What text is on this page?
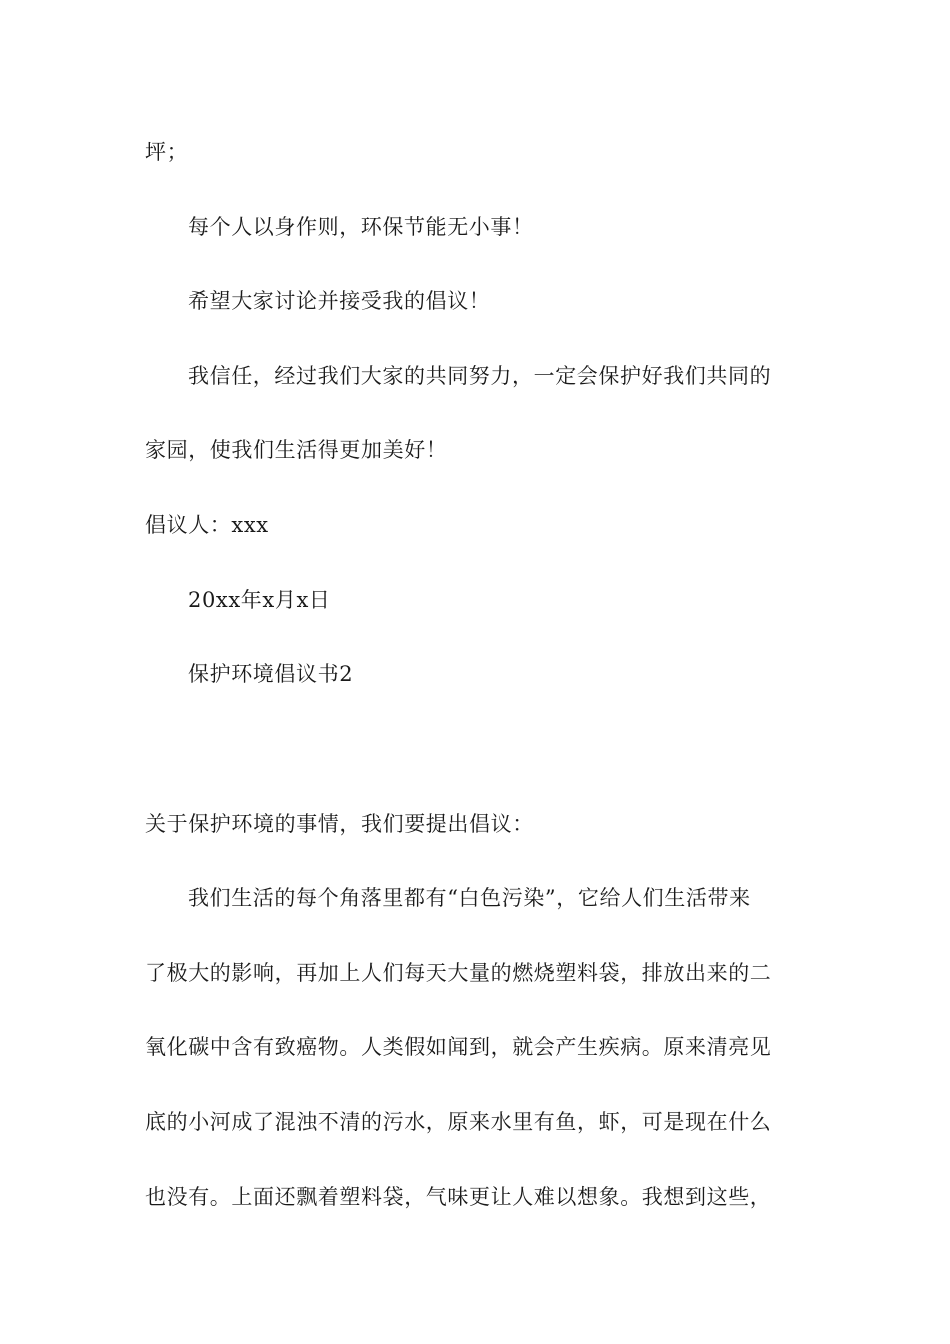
坪；
每个人以身作则，环保节能无小事！
希望大家讨论并接受我的倡议！
我信任，经过我们大家的共同努力，一定会保护好我们共同的
家园，使我们生活得更加美好！
倡议人：xxx
20xx年x月x日
保护环境倡议书2
关于保护环境的事情，我们要提出倡议：
我们生活的每个角落里都有“白色污染”，它给人们生活带来
了极大的影响，再加上人们每天大量的燃烧塑料袋，排放出来的二
氧化碳中含有致癌物。人类假如闻到，就会产生疾病。原来清亮见
底的小河成了混浊不清的污水，原来水里有鱼，虾，可是现在什么
也没有。上面还飘着塑料袋，气味更让人难以想象。我想到这些，
